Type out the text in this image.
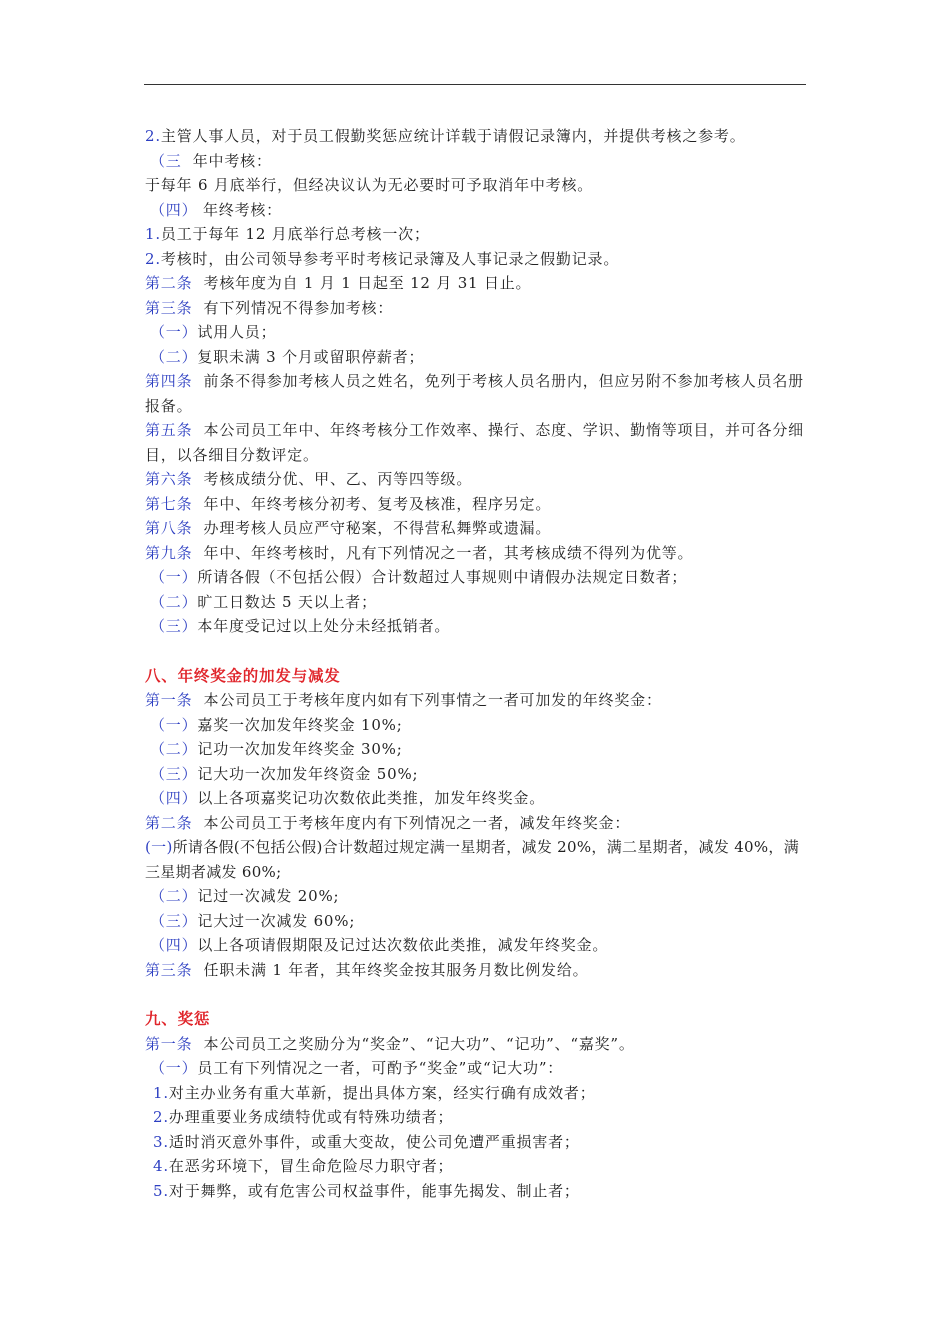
2.主管人事人员，对于员工假勤奖惩应统计详载于请假记录簿内，并提供考核之参考。

（三 年中考核：

于每年 6 月底举行，但经决议认为无必要时可予取消年中考核。

（四） 年终考核：

1.员工于每年 12 月底举行总考核一次；

2.考核时，由公司领导参考平时考核记录簿及人事记录之假勤记录。

第二条 考核年度为自 1 月 1 日起至 12 月 31 日止。

第三条 有下列情况不得参加考核：

（一）试用人员；

（二）复职未满 3 个月或留职停薪者；

第四条 前条不得参加考核人员之姓名，免列于考核人员名册内，但应另附不参加考核人员名册报备。

第五条 本公司员工年中、年终考核分工作效率、操行、态度、学识、勤惰等项目，并可各分细目，以各细目分数评定。

第六条 考核成绩分优、甲、乙、丙等四等级。

第七条 年中、年终考核分初考、复考及核准，程序另定。

第八条 办理考核人员应严守秘案，不得营私舞弊或遗漏。

第九条 年中、年终考核时，凡有下列情况之一者，其考核成绩不得列为优等。

（一）所请各假（不包括公假）合计数超过人事规则中请假办法规定日数者；

（二）旷工日数达 5 天以上者；

（三）本年度受记过以上处分未经抵销者。

八、年终奖金的加发与减发

第一条 本公司员工于考核年度内如有下列事情之一者可加发的年终奖金：

（一）嘉奖一次加发年终奖金 10%;

（二）记功一次加发年终奖金 30%;

（三）记大功一次加发年终资金 50%;

（四）以上各项嘉奖记功次数依此类推，加发年终奖金。

第二条 本公司员工于考核年度内有下列情况之一者，减发年终奖金：

(一)所请各假(不包括公假)合计数超过规定满一星期者，减发 20%，满二星期者，减发 40%，满三星期者减发 60%;

（二）记过一次减发 20%;

（三）记大过一次减发 60%;

（四）以上各项请假期限及记过达次数依此类推，减发年终奖金。

第三条 任职未满 1 年者，其年终奖金按其服务月数比例发给。

九、奖惩

第一条 本公司员工之奖励分为“奖金”、“记大功”、“记功”、“嘉奖”。

（一）员工有下列情况之一者，可酌予“奖金”或“记大功”：

1.对主办业务有重大革新，提出具体方案，经实行确有成效者；

2.办理重要业务成绩特优或有特殊功绩者；

3.适时消灭意外事件，或重大变故，使公司免遭严重损害者；

4.在恶劣环境下，冒生命危险尽力职守者；

5.对于舞弊，或有危害公司权益事件，能事先揭发、制止者；
